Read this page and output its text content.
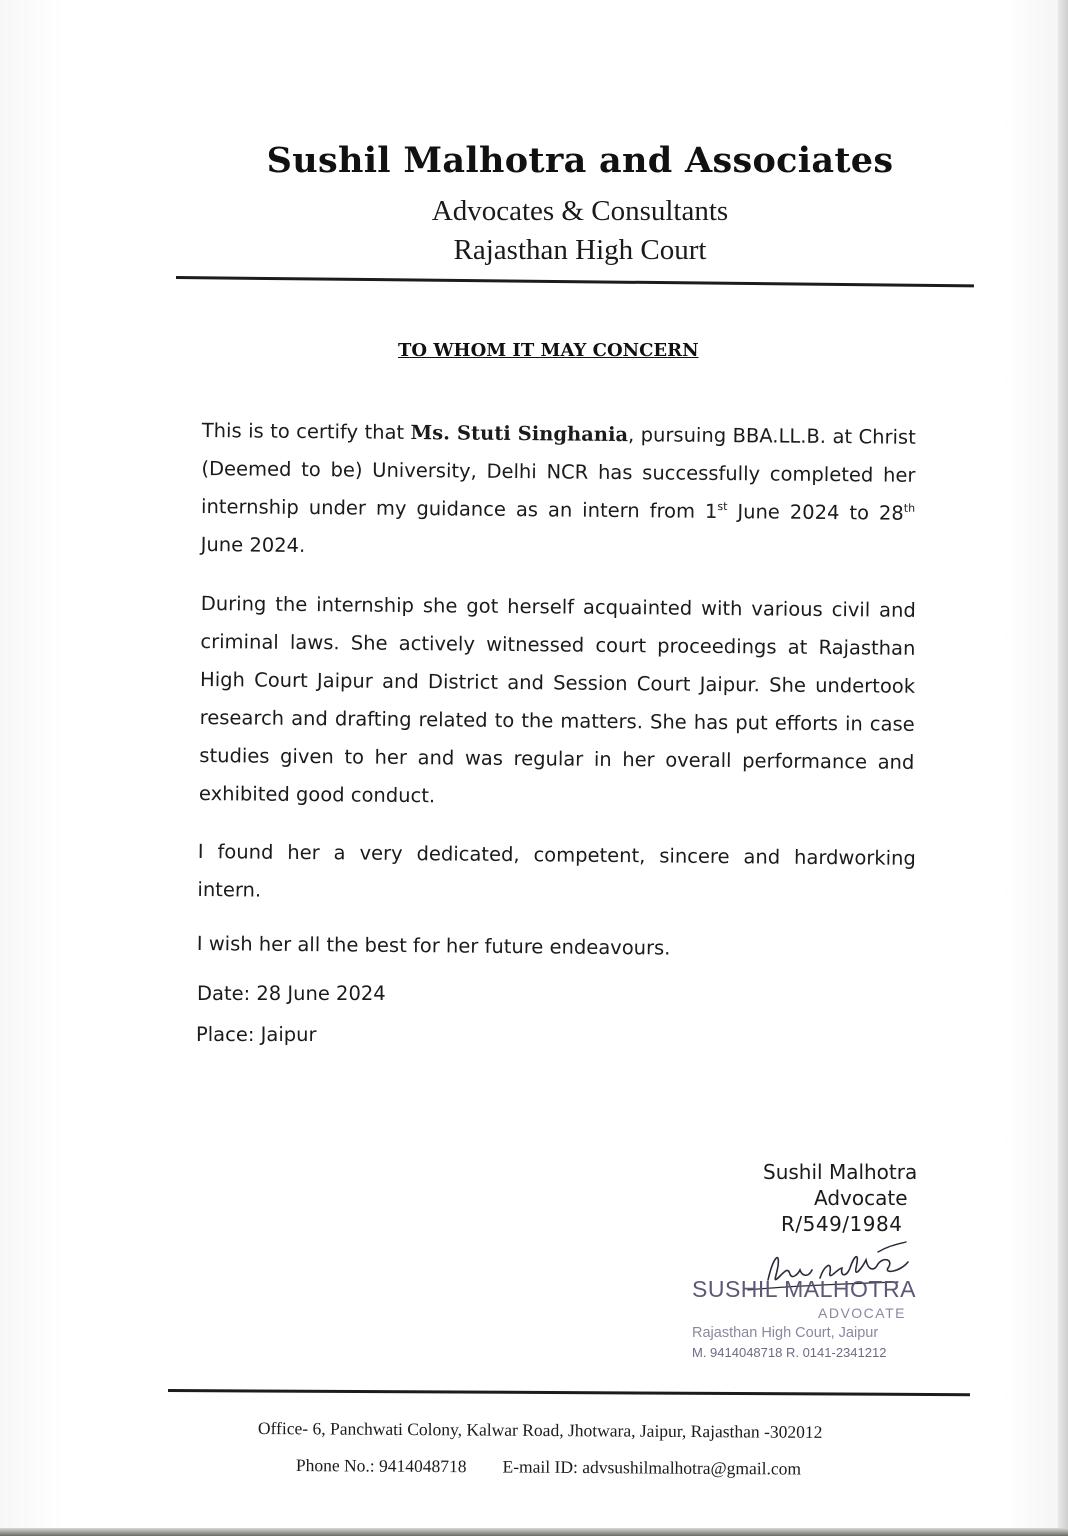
Sushil Malhotra and Associates
Advocates & Consultants
Rajasthan High Court
TO WHOM IT MAY CONCERN
This is to certify that Ms. Stuti Singhania, pursuing BBA.LL.B. at Christ (Deemed to be) University, Delhi NCR has successfully completed her internship under my guidance as an intern from 1st June 2024 to 28th June 2024.
During the internship she got herself acquainted with various civil and criminal laws. She actively witnessed court proceedings at Rajasthan High Court Jaipur and District and Session Court Jaipur. She undertook research and drafting related to the matters. She has put efforts in case studies given to her and was regular in her overall performance and exhibited good conduct.
I found her a very dedicated, competent, sincere and hardworking intern.
I wish her all the best for her future endeavours.
Date: 28 June 2024
Place: Jaipur
Sushil Malhotra
Advocate
R/549/1984
SUSHIL MALHOTRA
ADVOCATE
Rajasthan High Court, Jaipur
M. 9414048718 R. 0141-2341212
Office- 6, Panchwati Colony, Kalwar Road, Jhotwara, Jaipur, Rajasthan -302012
Phone No.: 9414048718 E-mail ID: advsushilmalhotra@gmail.com
